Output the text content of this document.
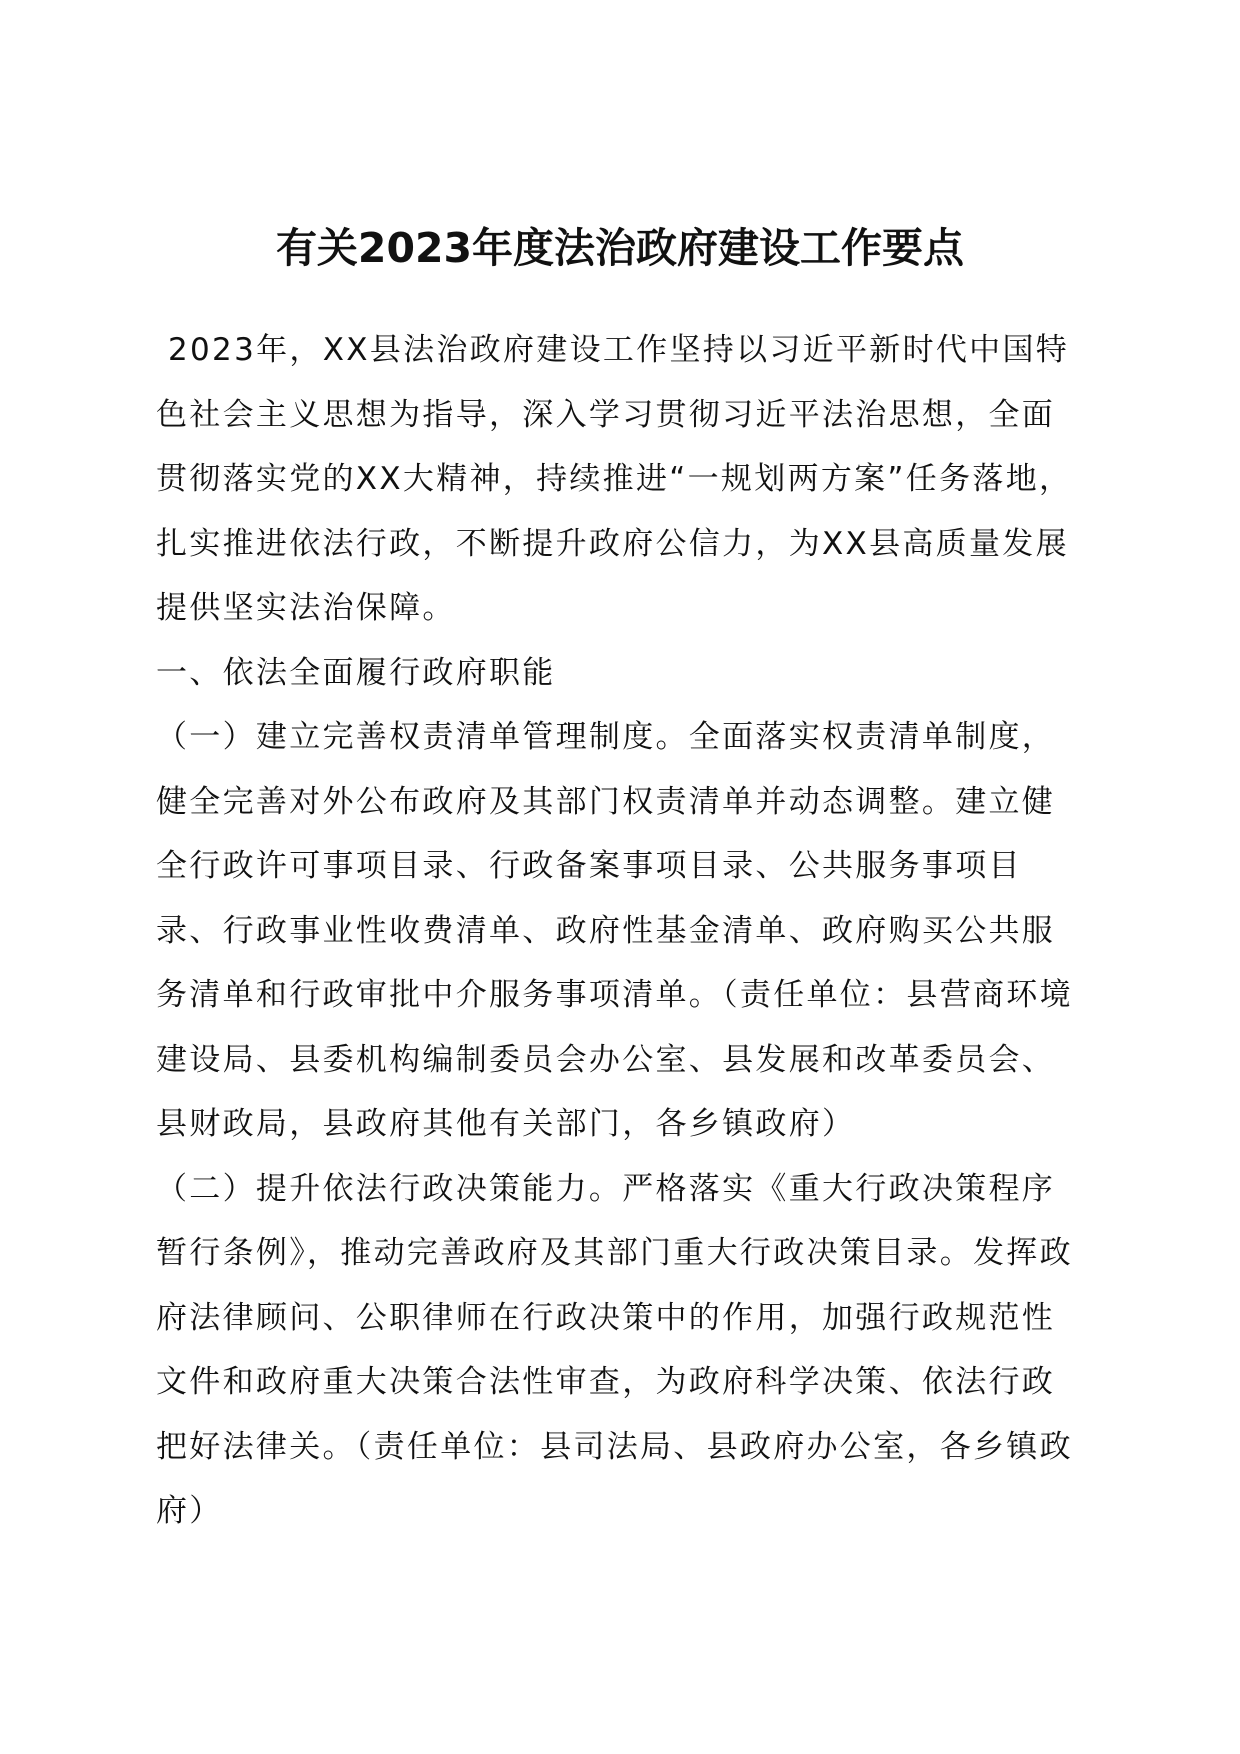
有关2023年度法治政府建设工作要点

2023年，XX县法治政府建设工作坚持以习近平新时代中国特色社会主义思想为指导，深入学习贯彻习近平法治思想，全面贯彻落实党的XX大精神，持续推进“一规划两方案”任务落地，扎实推进依法行政，不断提升政府公信力，为XX县高质量发展提供坚实法治保障。

一、依法全面履行政府职能

（一）建立完善权责清单管理制度。全面落实权责清单制度，健全完善对外公布政府及其部门权责清单并动态调整。建立健全行政许可事项目录、行政备案事项目录、公共服务事项目录、行政事业性收费清单、政府性基金清单、政府购买公共服务清单和行政审批中介服务事项清单。（责任单位：县营商环境建设局、县委机构编制委员会办公室、县发展和改革委员会、县财政局，县政府其他有关部门，各乡镇政府）

（二）提升依法行政决策能力。严格落实《重大行政决策程序暂行条例》，推动完善政府及其部门重大行政决策目录。发挥政府法律顾问、公职律师在行政决策中的作用，加强行政规范性文件和政府重大决策合法性审查，为政府科学决策、依法行政把好法律关。（责任单位：县司法局、县政府办公室，各乡镇政府）
